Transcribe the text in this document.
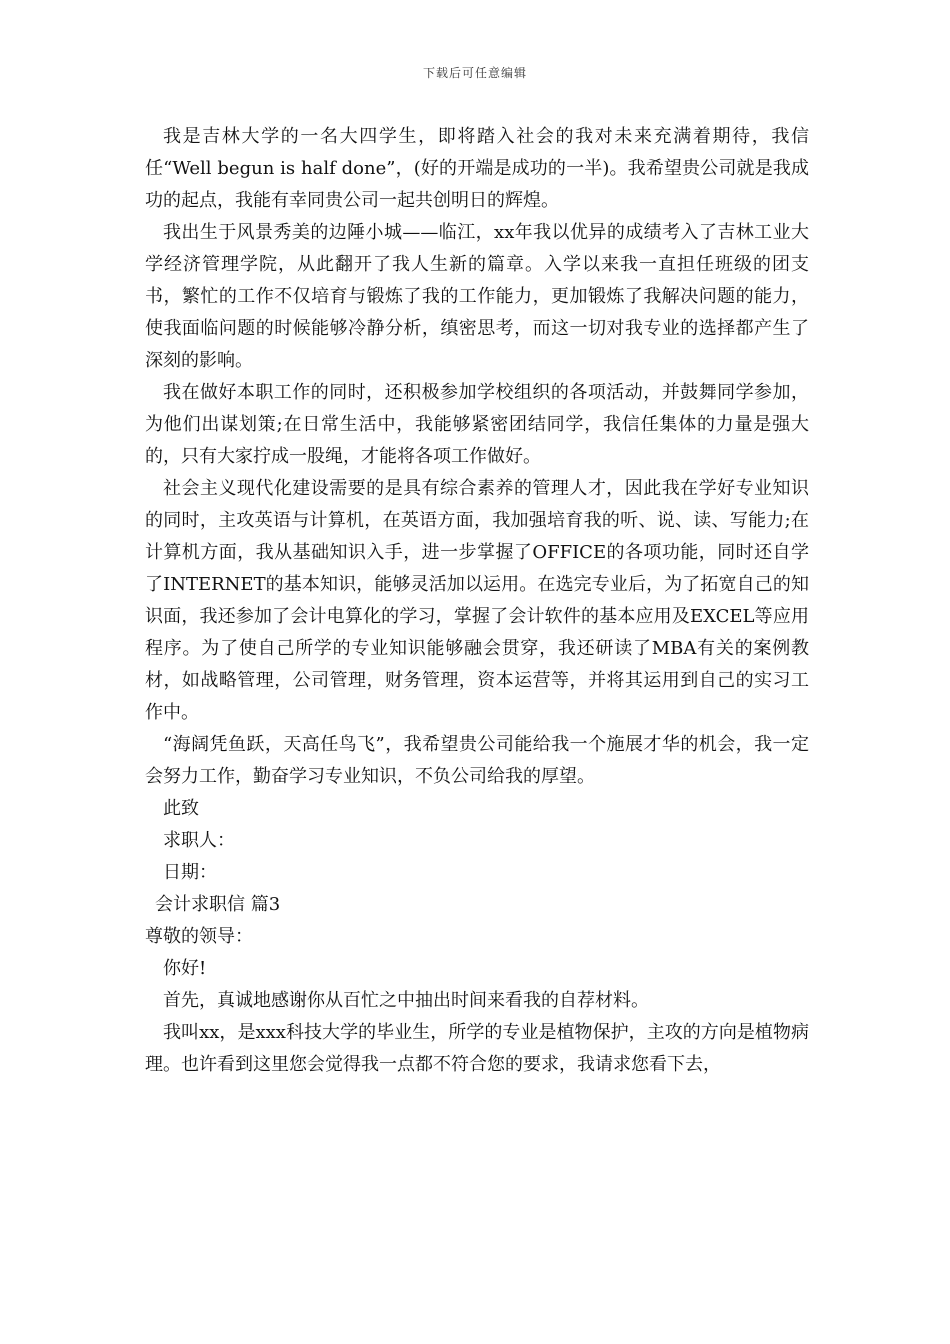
下载后可任意编辑

我是吉林大学的一名大四学生，即将踏入社会的我对未来充满着期待，我信任“Well begun is half done”，(好的开端是成功的一半)。我希望贵公司就是我成功的起点，我能有幸同贵公司一起共创明日的辉煌。

我出生于风景秀美的边陲小城——临江，xx年我以优异的成绩考入了吉林工业大学经济管理学院，从此翻开了我人生新的篇章。入学以来我一直担任班级的团支书，繁忙的工作不仅培育与锻炼了我的工作能力，更加锻炼了我解决问题的能力，使我面临问题的时候能够冷静分析，缜密思考，而这一切对我专业的选择都产生了深刻的影响。

我在做好本职工作的同时，还积极参加学校组织的各项活动，并鼓舞同学参加，为他们出谋划策;在日常生活中，我能够紧密团结同学，我信任集体的力量是强大的，只有大家拧成一股绳，才能将各项工作做好。

社会主义现代化建设需要的是具有综合素养的管理人才，因此我在学好专业知识的同时，主攻英语与计算机，在英语方面，我加强培育我的听、说、读、写能力;在计算机方面，我从基础知识入手，进一步掌握了OFFICE的各项功能，同时还自学了INTERNET的基本知识，能够灵活加以运用。在选完专业后，为了拓宽自己的知识面，我还参加了会计电算化的学习，掌握了会计软件的基本应用及EXCEL等应用程序。为了使自己所学的专业知识能够融会贯穿，我还研读了MBA有关的案例教材，如战略管理，公司管理，财务管理，资本运营等，并将其运用到自己的实习工作中。

“海阔凭鱼跃，天高任鸟飞”，我希望贵公司能给我一个施展才华的机会，我一定会努力工作，勤奋学习专业知识，不负公司给我的厚望。

此致

求职人：

日期：

会计求职信 篇3

尊敬的领导：

你好!

首先，真诚地感谢你从百忙之中抽出时间来看我的自荐材料。

我叫xx，是xxx科技大学的毕业生，所学的专业是植物保护，主攻的方向是植物病理。也许看到这里您会觉得我一点都不符合您的要求，我请求您看下去，
